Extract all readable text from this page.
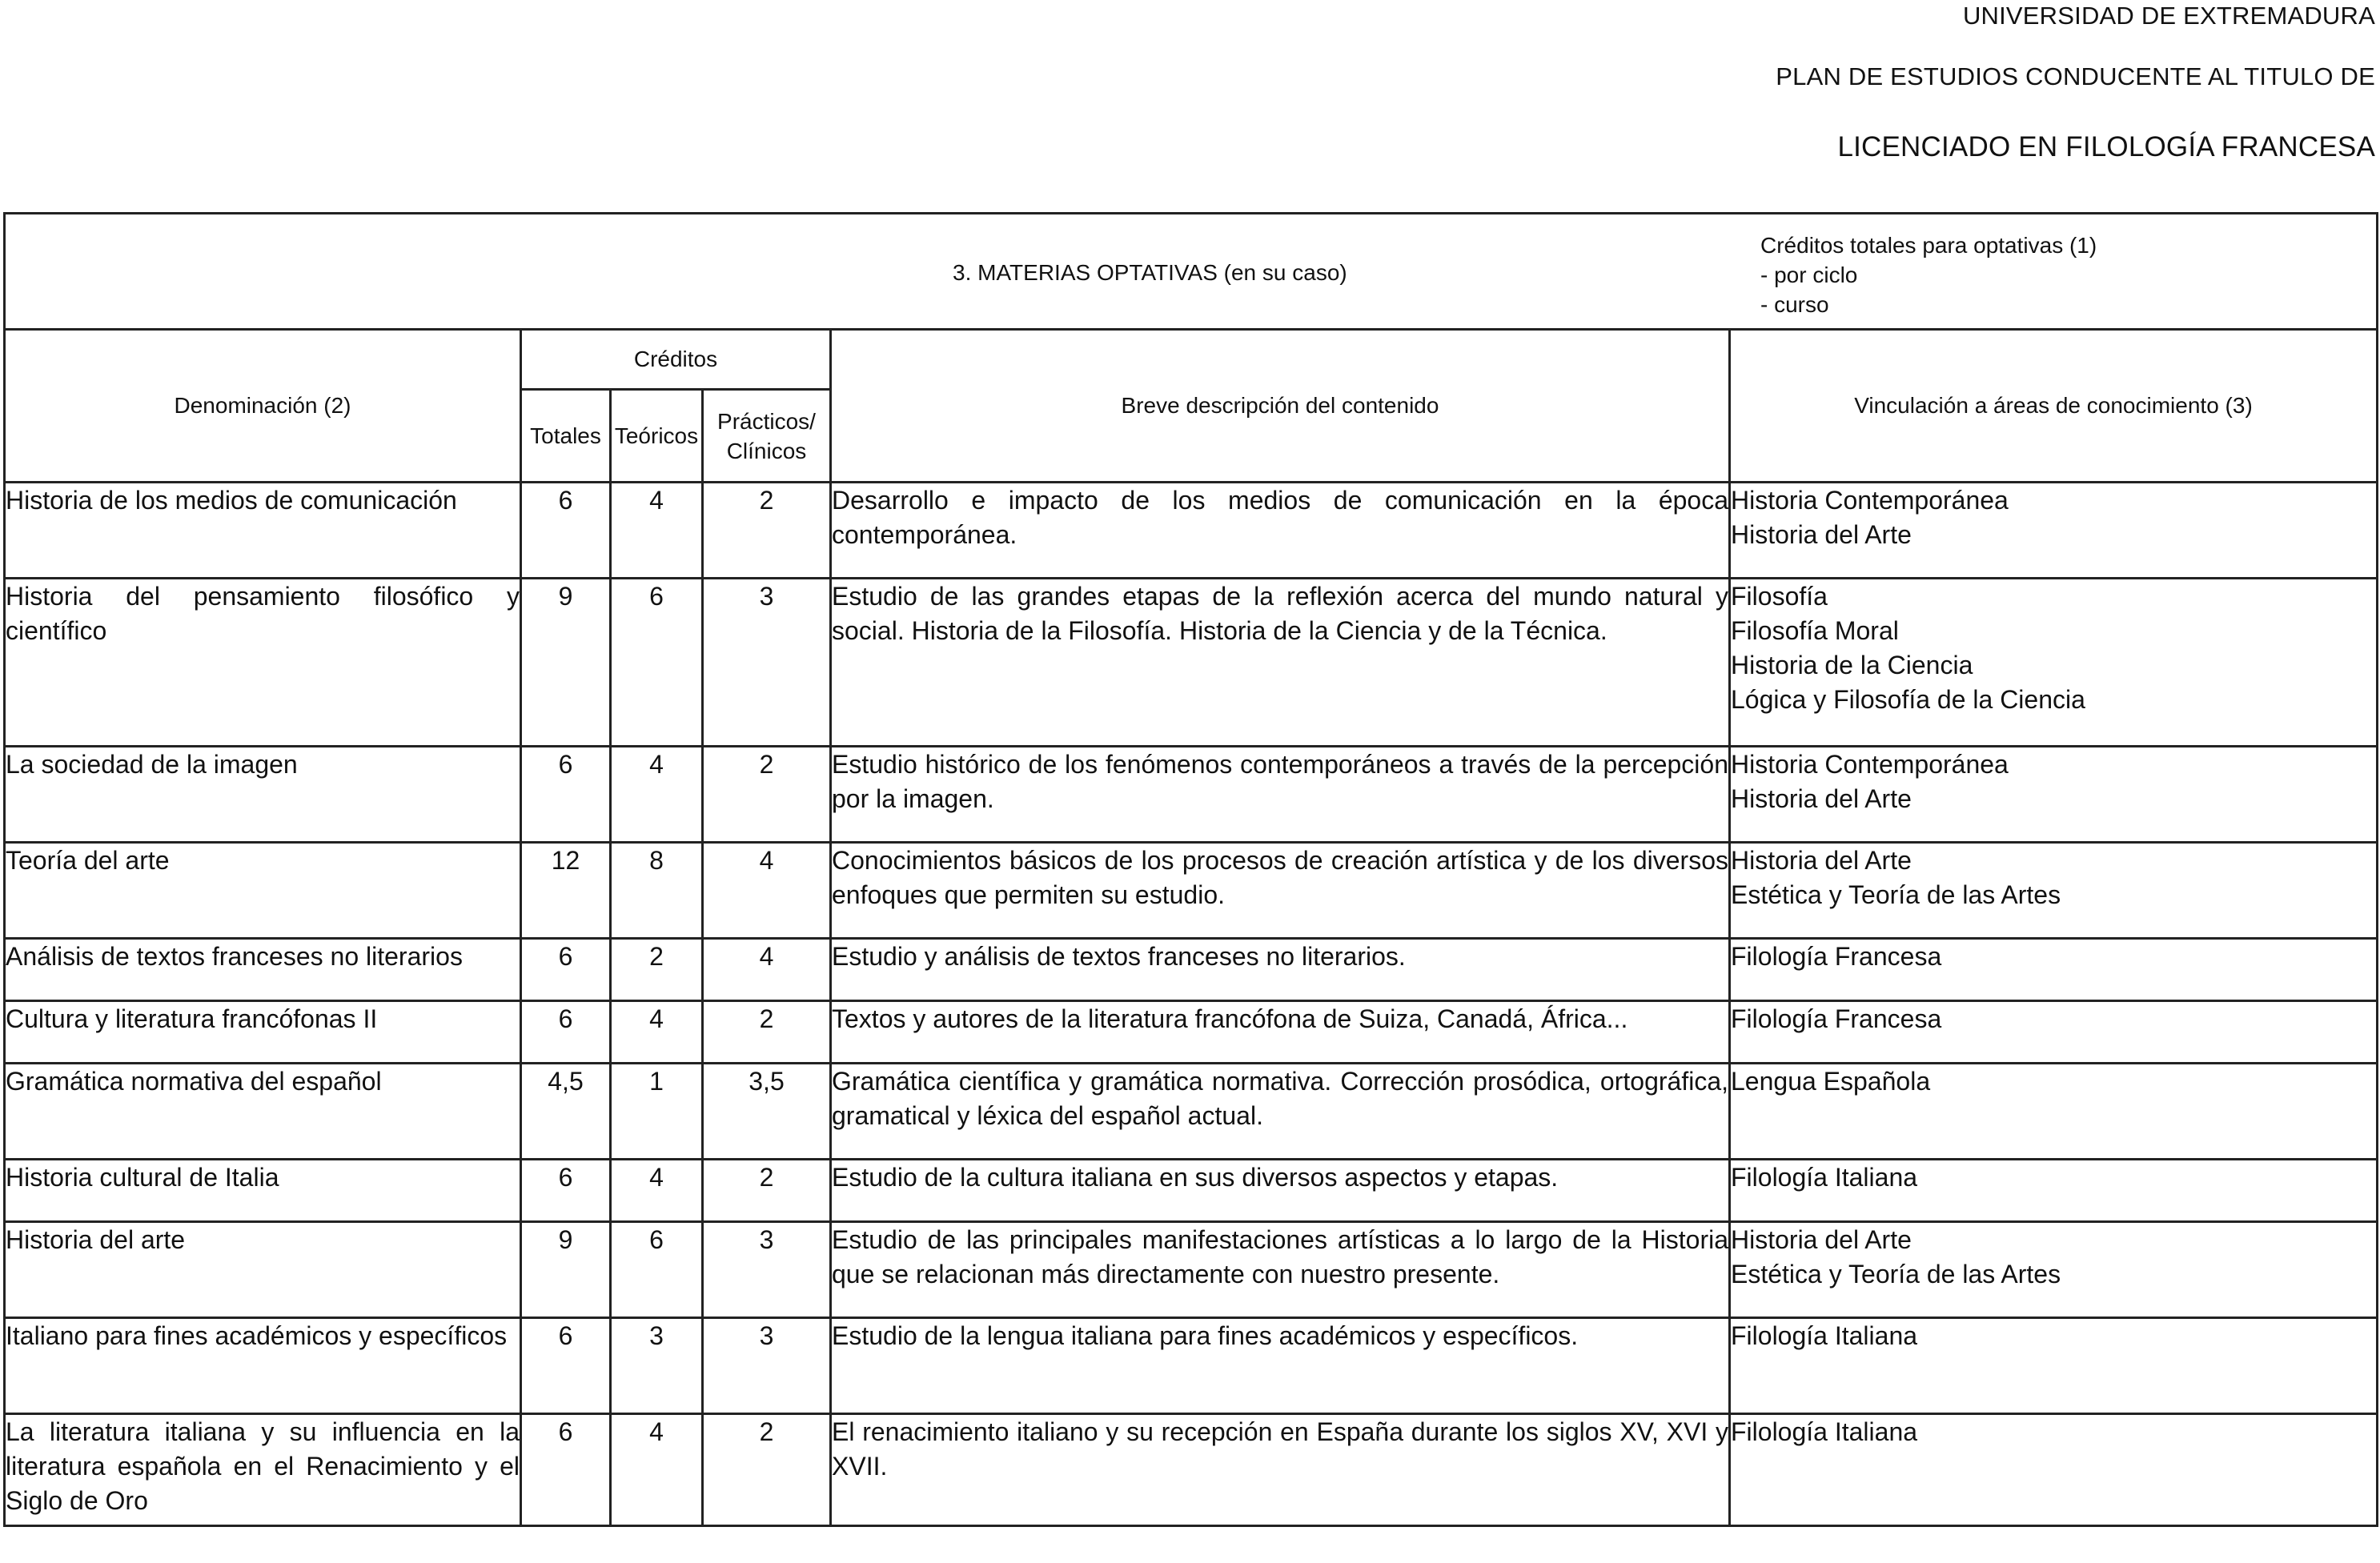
UNIVERSIDAD DE EXTREMADURA
PLAN DE ESTUDIOS CONDUCENTE AL TITULO DE
LICENCIADO EN FILOLOGÍA FRANCESA
3. MATERIAS OPTATIVAS (en su caso)
Créditos totales para optativas (1)
- por ciclo
- curso					

Denominación (2)	Créditos			Breve descripción del contenido	Vinculación a áreas de conocimiento (3)
	Totales	Teóricos	Prácticos/ Clínicos		
Historia de los medios de comunicación	6	4	2	Desarrollo e impacto de los medios de comunicación en la época contemporánea.	Historia Contemporánea
Historia del Arte

Historia del pensamiento filosófico y científico	9	6	3	Estudio de las grandes etapas de la reflexión acerca del mundo natural y social. Historia de la Filosofía. Historia de la Ciencia y de la Técnica.	Filosofía
Filosofía Moral
Historia de la Ciencia
Lógica y Filosofía de la Ciencia

La sociedad de la imagen	6	4	2	Estudio histórico de los fenómenos contemporáneos a través de la percepción por la imagen.	Historia Contemporánea
Historia del Arte

Teoría del arte	12	8	4	Conocimientos básicos de los procesos de creación artística y de los diversos enfoques que permiten su estudio.	Historia del Arte
Estética y Teoría de las Artes

Análisis de textos franceses no literarios	6	2	4	Estudio y análisis de textos franceses no literarios.	Filología Francesa

Cultura y literatura francófonas II	6	4	2	Textos y autores de la literatura francófona de Suiza, Canadá, África...	Filología Francesa

Gramática normativa del español	4,5	1	3,5	Gramática científica y gramática normativa. Corrección prosódica, ortográfica, gramatical y léxica del español actual.	Lengua Española

Historia cultural de Italia	6	4	2	Estudio de la cultura italiana en sus diversos aspectos y etapas.	Filología Italiana

Historia del arte	9	6	3	Estudio de las principales manifestaciones artísticas a lo largo de la Historia que se relacionan más directamente con nuestro presente.	Historia del Arte
Estética y Teoría de las Artes

Italiano para fines académicos y específicos	6	3	3	Estudio de la lengua italiana para fines académicos y específicos.	Filología Italiana

La literatura italiana y su influencia en la literatura española en el Renacimiento y el Siglo de Oro	6	4	2	El renacimiento italiano y su recepción en España durante los siglos XV, XVI y XVII.	Filología Italiana
